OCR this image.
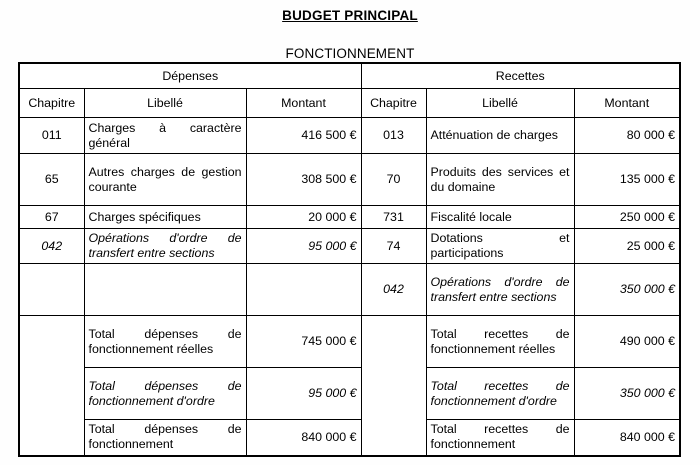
BUDGET PRINCIPAL
FONCTIONNEMENT
Dépenses			Recettes		
Chapitre	Libellé	Montant	Chapitre	Libellé	Montant
011	Charges à caractère général	416 500 €	013	Atténuation de charges	80 000 €
65	Autres charges de gestion courante	308 500 €	70	Produits des services et du domaine	135 000 €
67	Charges spécifiques	20 000 €	731	Fiscalité locale	250 000 €
042	Opérations d'ordre de transfert entre sections	95 000 €	74	Dotations et participations	25 000 €
			042	Opérations d'ordre de transfert entre sections	350 000 €
	Total dépenses de fonctionnement réelles	745 000 €		Total recettes de fonctionnement réelles	490 000 €
	Total dépenses de fonctionnement d'ordre	95 000 €		Total recettes de fonctionnement d'ordre	350 000 €
	Total dépenses de fonctionnement	840 000 €		Total recettes de fonctionnement	840 000 €
